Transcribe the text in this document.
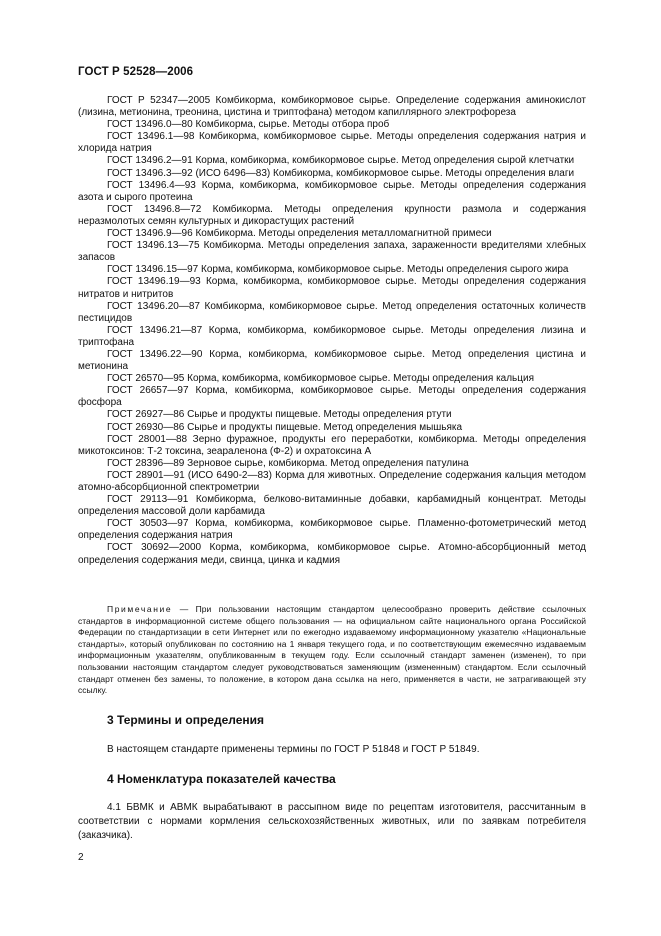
ГОСТ Р 52528—2006

ГОСТ Р 52347—2005 Комбикорма, комбикормовое сырье. Определение содержания аминокислот (лизина, метионина, треонина, цистина и триптофана) методом капиллярного электрофореза

ГОСТ 13496.0—80 Комбикорма, сырье. Методы отбора проб

ГОСТ 13496.1—98 Комбикорма, комбикормовое сырье. Методы определения содержания натрия и хлорида натрия

ГОСТ 13496.2—91 Корма, комбикорма, комбикормовое сырье. Метод определения сырой клетчатки

ГОСТ 13496.3—92 (ИСО 6496—83) Комбикорма, комбикормовое сырье. Методы определения влаги

ГОСТ 13496.4—93 Корма, комбикорма, комбикормовое сырье. Методы определения содержания азота и сырого протеина

ГОСТ 13496.8—72 Комбикорма. Методы определения крупности размола и содержания неразмолотых семян культурных и дикорастущих растений

ГОСТ 13496.9—96 Комбикорма. Методы определения металломагнитной примеси

ГОСТ 13496.13—75 Комбикорма. Методы определения запаха, зараженности вредителями хлебных запасов

ГОСТ 13496.15—97 Корма, комбикорма, комбикормовое сырье. Методы определения сырого жира

ГОСТ 13496.19—93 Корма, комбикорма, комбикормовое сырье. Методы определения содержания нитратов и нитритов

ГОСТ 13496.20—87 Комбикорма, комбикормовое сырье. Метод определения остаточных количеств пестицидов

ГОСТ 13496.21—87 Корма, комбикорма, комбикормовое сырье. Методы определения лизина и триптофана

ГОСТ 13496.22—90 Корма, комбикорма, комбикормовое сырье. Метод определения цистина и метионина

ГОСТ 26570—95 Корма, комбикорма, комбикормовое сырье. Методы определения кальция

ГОСТ 26657—97 Корма, комбикорма, комбикормовое сырье. Методы определения содержания фосфора

ГОСТ 26927—86 Сырье и продукты пищевые. Методы определения ртути

ГОСТ 26930—86 Сырье и продукты пищевые. Метод определения мышьяка

ГОСТ 28001—88 Зерно фуражное, продукты его переработки, комбикорма. Методы определения микотоксинов: Т-2 токсина, зеараленона (Ф-2) и охратоксина А

ГОСТ 28396—89 Зерновое сырье, комбикорма. Метод определения патулина

ГОСТ 28901—91 (ИСО 6490-2—83) Корма для животных. Определение содержания кальция методом атомно-абсорбционной спектрометрии

ГОСТ 29113—91 Комбикорма, белково-витаминные добавки, карбамидный концентрат. Методы определения массовой доли карбамида

ГОСТ 30503—97 Корма, комбикорма, комбикормовое сырье. Пламенно-фотометрический метод определения содержания натрия

ГОСТ 30692—2000 Корма, комбикорма, комбикормовое сырье. Атомно-абсорбционный метод определения содержания меди, свинца, цинка и кадмия

Примечание — При пользовании настоящим стандартом целесообразно проверить действие ссылочных стандартов в информационной системе общего пользования — на официальном сайте национального органа Российской Федерации по стандартизации в сети Интернет или по ежегодно издаваемому информационному указателю «Национальные стандарты», который опубликован по состоянию на 1 января текущего года, и по соответствующим ежемесячно издаваемым информационным указателям, опубликованным в текущем году. Если ссылочный стандарт заменен (изменен), то при пользовании настоящим стандартом следует руководствоваться заменяющим (измененным) стандартом. Если ссылочный стандарт отменен без замены, то положение, в котором дана ссылка на него, применяется в части, не затрагивающей эту ссылку.

3 Термины и определения

В настоящем стандарте применены термины по ГОСТ Р 51848 и ГОСТ Р 51849.

4 Номенклатура показателей качества

4.1 БВМК и АВМК вырабатывают в рассыпном виде по рецептам изготовителя, рассчитанным в соответствии с нормами кормления сельскохозяйственных животных, или по заявкам потребителя (заказчика).

2
